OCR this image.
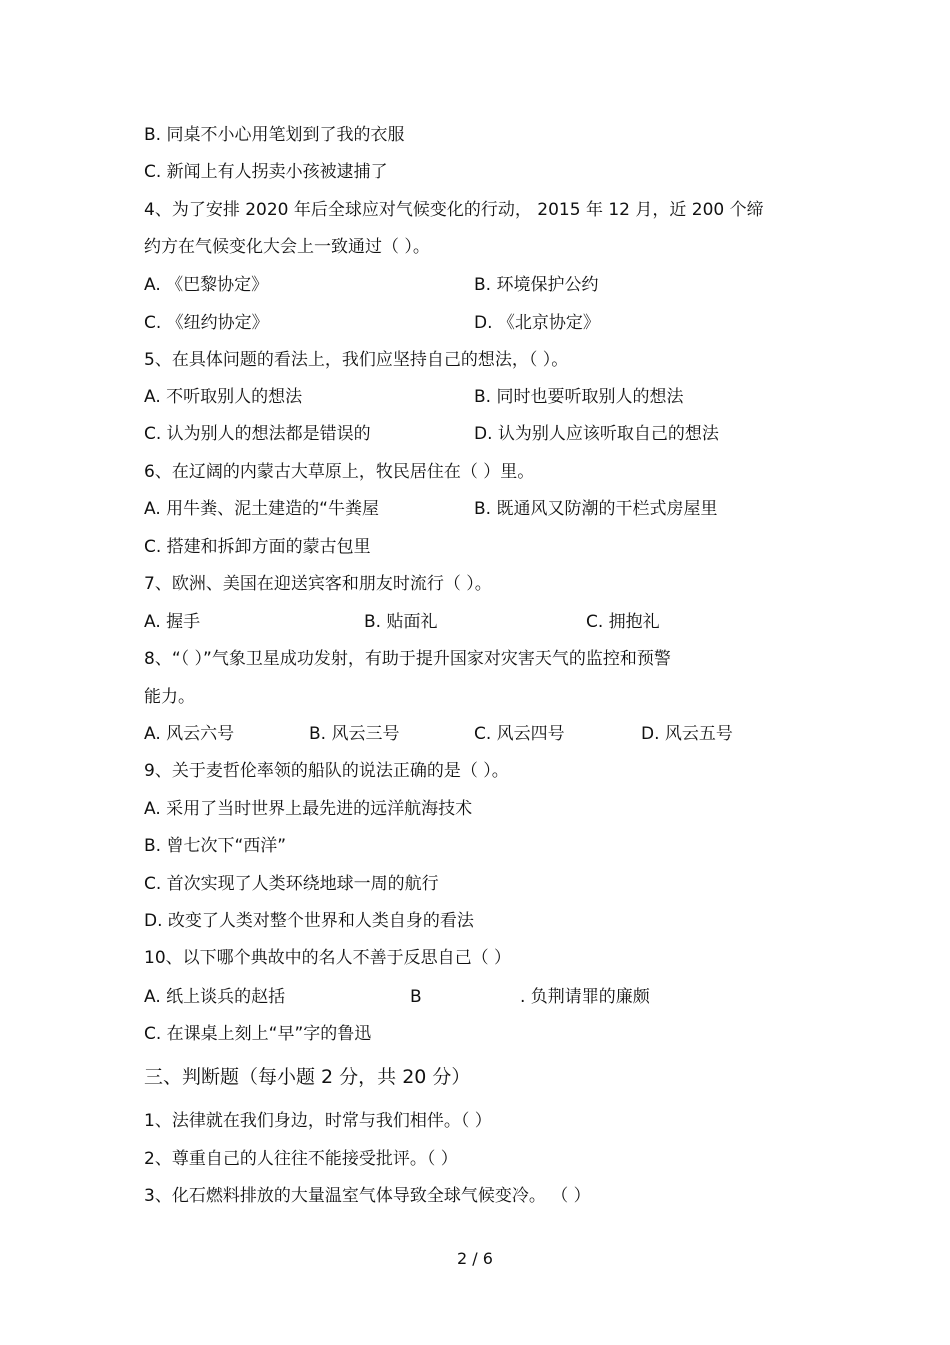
B. 同桌不小心用笔划到了我的衣服
C. 新闻上有人拐卖小孩被逮捕了
4、为了安排 2020 年后全球应对气候变化的行动， 2015 年 12 月，近 200 个缔
约方在气候变化大会上一致通过（ ）。
A. 《巴黎协定》	B. 环境保护公约
C. 《纽约协定》	D. 《北京协定》
5、在具体问题的看法上，我们应坚持自己的想法，（ ）。
A. 不听取别人的想法	B. 同时也要听取别人的想法
C. 认为别人的想法都是错误的	D. 认为别人应该听取自己的想法
6、在辽阔的内蒙古大草原上，牧民居住在（ ）里。
A. 用牛粪、泥土建造的“牛粪屋	B. 既通风又防潮的干栏式房屋里
C. 搭建和拆卸方面的蒙古包里
7、欧洲、美国在迎送宾客和朋友时流行（ ）。
A. 握手	B. 贴面礼	C. 拥抱礼
8、“（ ）”气象卫星成功发射，有助于提升国家对灾害天气的监控和预警
能力。
A. 风云六号	B. 风云三号	C. 风云四号	D. 风云五号
9、关于麦哲伦率领的船队的说法正确的是（ ）。
A. 采用了当时世界上最先进的远洋航海技术
B. 曾七次下“西洋”
C. 首次实现了人类环绕地球一周的航行
D. 改变了人类对整个世界和人类自身的看法
10、以下哪个典故中的名人不善于反思自己（ ）
A. 纸上谈兵的赵括	B	. 负荆请罪的廉颇
C. 在课桌上刻上“早”字的鲁迅
三、判断题（每小题 2 分，共 20 分）
1、法律就在我们身边，时常与我们相伴。（ ）
2、尊重自己的人往往不能接受批评。（ ）
3、化石燃料排放的大量温室气体导致全球气候变冷。 （ ）
2 / 6
